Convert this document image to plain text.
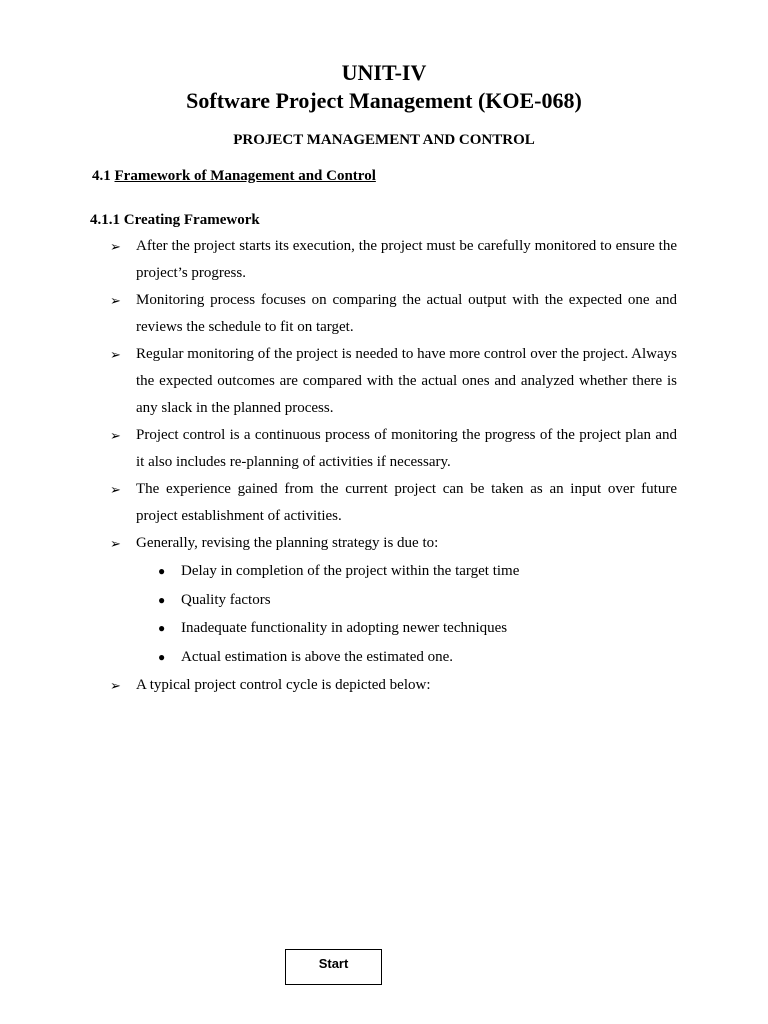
UNIT-IV
Software Project Management (KOE-068)
PROJECT MANAGEMENT AND CONTROL
4.1 Framework of Management and Control
4.1.1 Creating Framework
➢ After the project starts its execution, the project must be carefully monitored to ensure the project’s progress.
➢ Monitoring process focuses on comparing the actual output with the expected one and reviews the schedule to fit on target.
➢ Regular monitoring of the project is needed to have more control over the project. Always the expected outcomes are compared with the actual ones and analyzed whether there is any slack in the planned process.
➢ Project control is a continuous process of monitoring the progress of the project plan and it also includes re-planning of activities if necessary.
➢ The experience gained from the current project can be taken as an input over future project establishment of activities.
➢ Generally, revising the planning strategy is due to:
● Delay in completion of the project within the target time
● Quality factors
● Inadequate functionality in adopting newer techniques
● Actual estimation is above the estimated one.
➢ A typical project control cycle is depicted below:
Start
